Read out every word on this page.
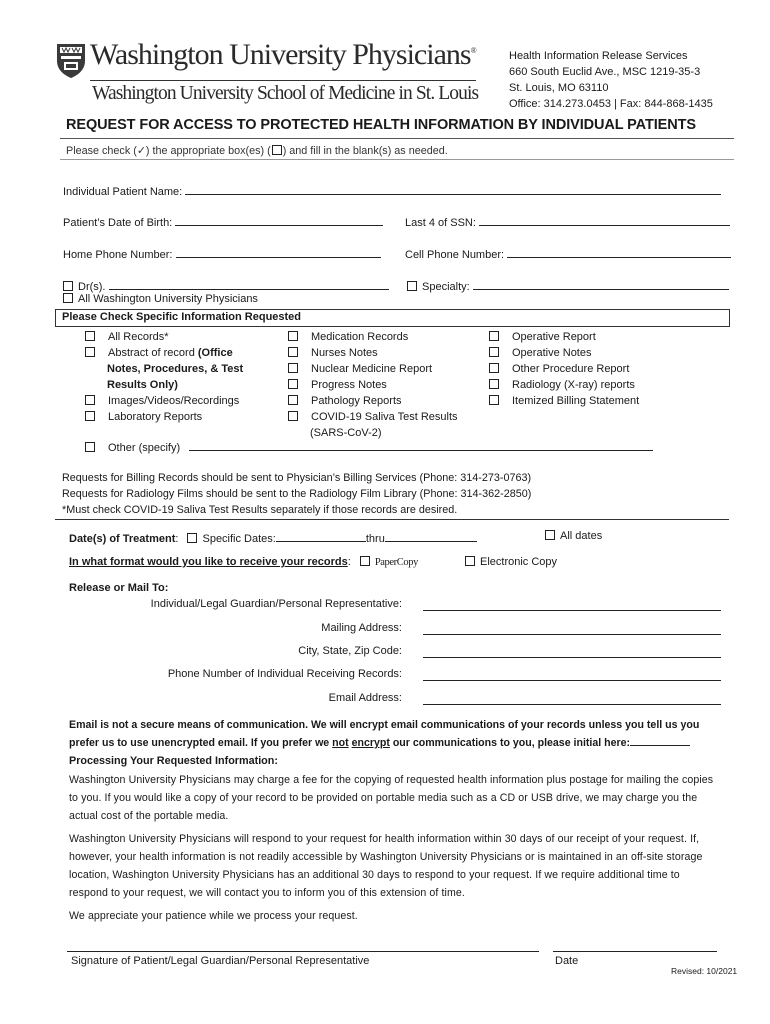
Washington University Physicians®
Washington University School of Medicine in St. Louis
Health Information Release Services
660 South Euclid Ave., MSC 1219-35-3
St. Louis, MO 63110
Office: 314.273.0453 | Fax: 844-868-1435
REQUEST FOR ACCESS TO PROTECTED HEALTH INFORMATION BY INDIVIDUAL PATIENTS
Please check (✓) the appropriate box(es) ( ) and fill in the blank(s) as needed.
Individual Patient Name:
Patient’s Date of Birth:	Last 4 of SSN:
Home Phone Number:	Cell Phone Number:
Dr(s).	Specialty:
All Washington University Physicians
Please Check Specific Information Requested
All Records*
Abstract of record (Office
Notes, Procedures, & Test
Results Only)
Images/Videos/Recordings
Laboratory Reports
Medication Records
Nurses Notes
Nuclear Medicine Report
Progress Notes
Pathology Reports
COVID-19 Saliva Test Results
(SARS-CoV-2)
Operative Report
Operative Notes
Other Procedure Report
Radiology (X-ray) reports
Itemized Billing Statement
Other (specify)
Requests for Billing Records should be sent to Physician’s Billing Services (Phone: 314-273-0763)
Requests for Radiology Films should be sent to the Radiology Film Library (Phone: 314-362-2850)
*Must check COVID-19 Saliva Test Results separately if those records are desired.
Date(s) of Treatment: Specific Dates:	thru	All dates
In what format would you like to receive your records: PaperCopy	Electronic Copy
Release or Mail To:
Individual/Legal Guardian/Personal Representative:
Mailing Address:
City, State, Zip Code:
Phone Number of Individual Receiving Records:
Email Address:
Email is not a secure means of communication. We will encrypt email communications of your records unless you tell us you
prefer us to use unencrypted email. If you prefer we not encrypt our communications to you, please initial here:
Processing Your Requested Information:
Washington University Physicians may charge a fee for the copying of requested health information plus postage for mailing the copies to you. If you would like a copy of your record to be provided on portable media such as a CD or USB drive, we may charge you the actual cost of the portable media.
Washington University Physicians will respond to your request for health information within 30 days of our receipt of your request. If, however, your health information is not readily accessible by Washington University Physicians or is maintained in an off-site storage location, Washington University Physicians has an additional 30 days to respond to your request. If we require additional time to respond to your request, we will contact you to inform you of this extension of time.
We appreciate your patience while we process your request.
Signature of Patient/Legal Guardian/Personal Representative	Date
Revised: 10/2021
